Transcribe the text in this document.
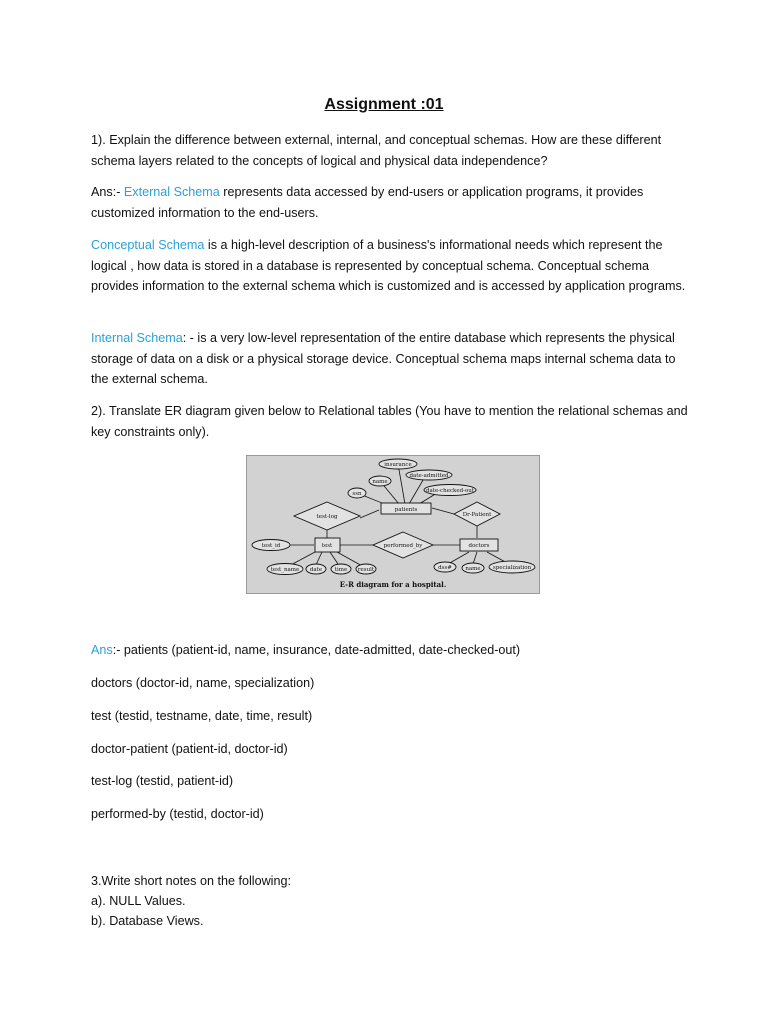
Assignment :01
1). Explain the difference between external, internal, and conceptual schemas. How are these different schema layers related to the concepts of logical and physical data independence?
Ans:- External Schema represents data accessed by end-users or application programs, it provides customized information to the end-users.
Conceptual Schema is a high-level description of a business's informational needs which represent the logical , how data is stored in a database is represented by conceptual schema. Conceptual schema provides information to the external schema which is customized and is accessed by application programs.
Internal Schema: - is a very low-level representation of the entire database which represents the physical storage of data on a disk or a physical storage device. Conceptual schema maps internal schema data to the external schema.
2). Translate ER diagram given below to Relational tables (You have to mention the relational schemas and key constraints only).
insurance
date-admitted
name
ssn	date-checked-out
patients
test-log	Dr-Patient
test_id	test	performed_by	doctors
test_name date time result	dss# name specialization
E-R diagram for a hospital.
Ans:- patients (patient-id, name, insurance, date-admitted, date-checked-out)
doctors (doctor-id, name, specialization)
test (testid, testname, date, time, result)
doctor-patient (patient-id, doctor-id)
test-log (testid, patient-id)
performed-by (testid, doctor-id)
3.Write short notes on the following:
a). NULL Values.
b). Database Views.
